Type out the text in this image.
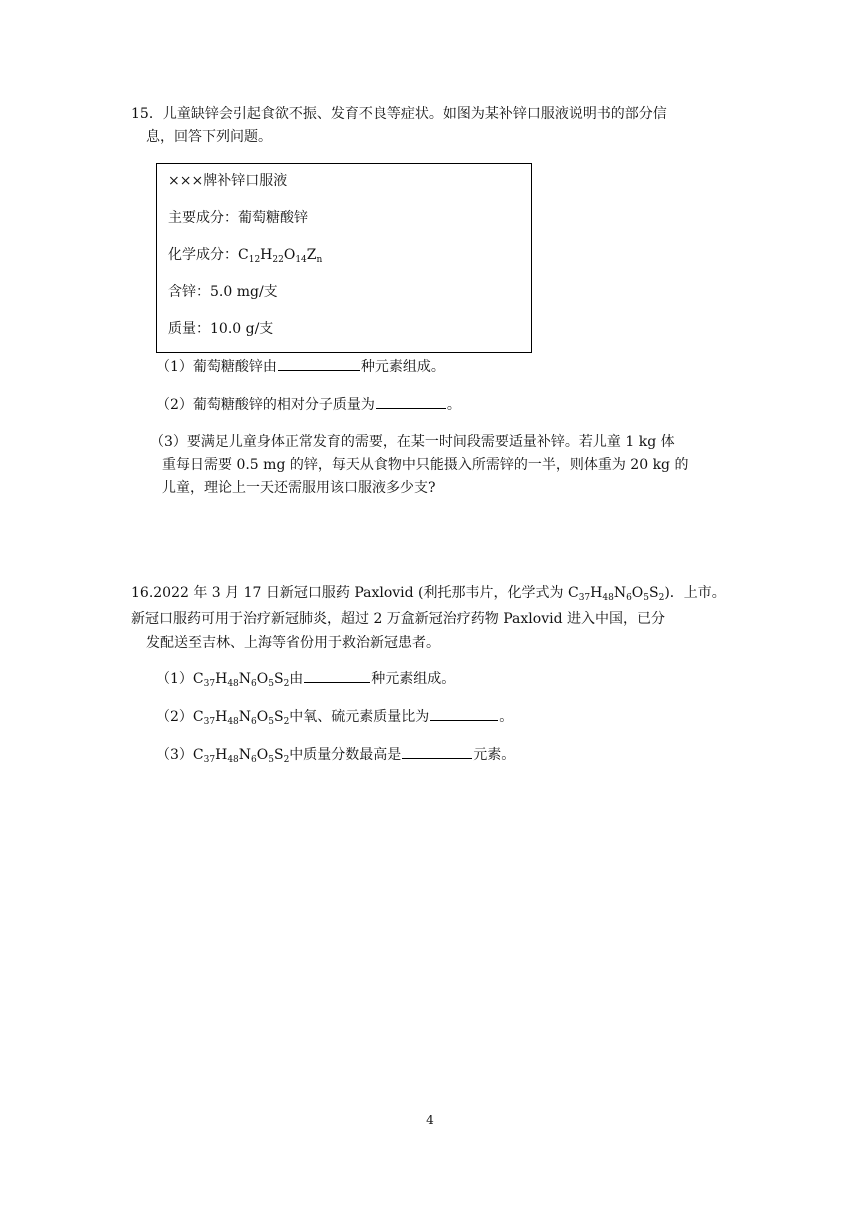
15．儿童缺锌会引起食欲不振、发育不良等症状。如图为某补锌口服液说明书的部分信
息，回答下列问题。
×××牌补锌口服液
主要成分：葡萄糖酸锌
化学成分：$C_{12}H_{22}O_{14}Z_n$
含锌：5.0 mg/支
质量：10.0 g/支
（1）葡萄糖酸锌由	种元素组成。
（2）葡萄糖酸锌的相对分子质量为	。
（3）要满足儿童身体正常发育的需要，在某一时间段需要适量补锌。若儿童 1 kg 体
重每日需要 0.5 mg 的锌，每天从食物中只能摄入所需锌的一半，则体重为 20 kg 的
儿童，理论上一天还需服用该口服液多少支?
16.2022 年 3 月 17 日新冠口服药 Paxlovid (利托那韦片，化学式为 $C_{37}H_{48}N_6O_5S_2$)．上市。
新冠口服药可用于治疗新冠肺炎，超过 2 万盒新冠治疗药物 Paxlovid 进入中国，已分
发配送至吉林、上海等省份用于救治新冠患者。
$(1)C_{37}H_{48}N_6O_5S_2$由	种元素组成。
$(2)C_{37}H_{48}N_6O_5S_2$中氧、硫元素质量比为	。
$(3)C_{37}H_{48}N_6O_5S_2$中质量分数最高是	元素。
4
